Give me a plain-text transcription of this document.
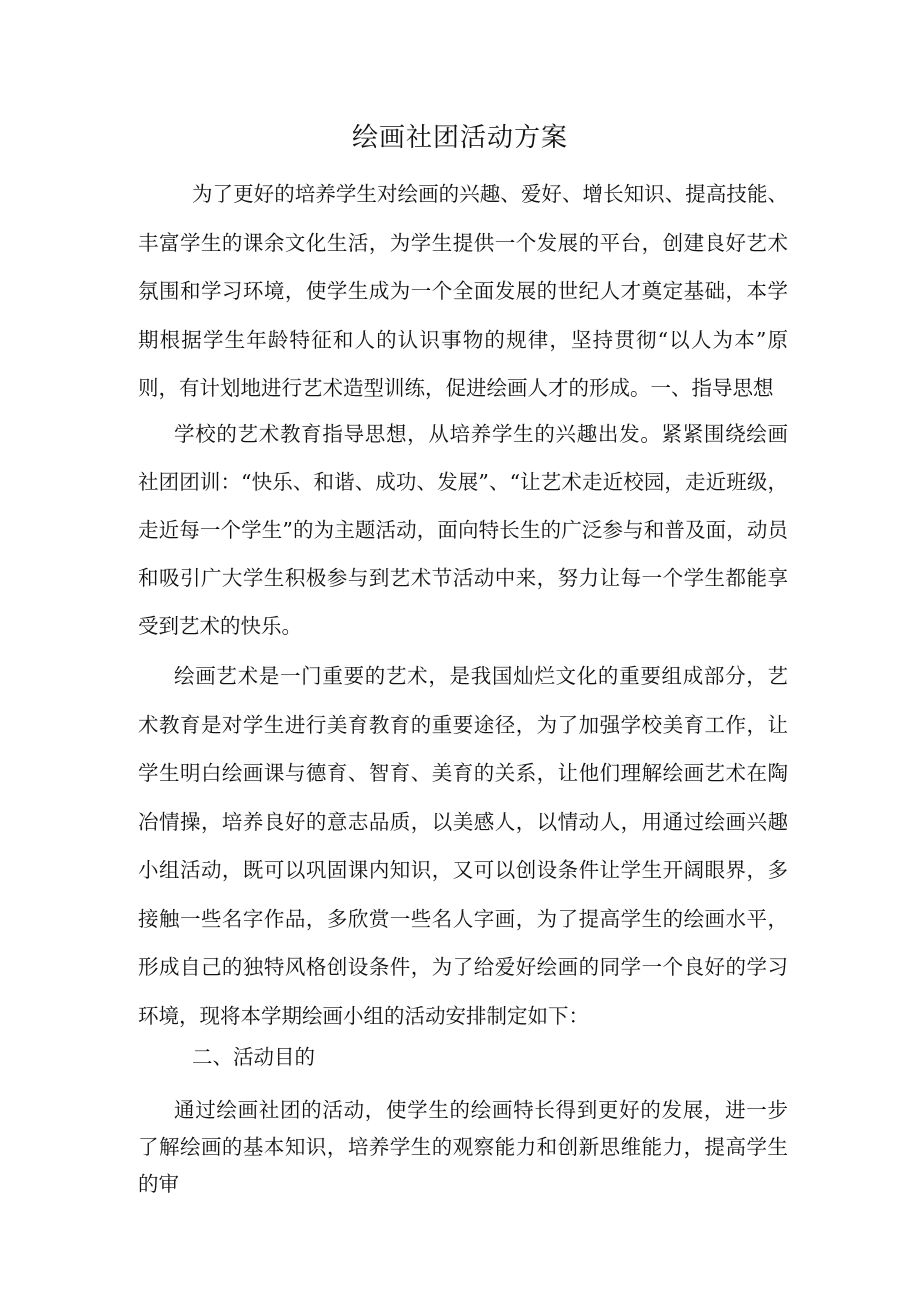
绘画社团活动方案

为了更好的培养学生对绘画的兴趣、爱好、增长知识、提高技能、丰富学生的课余文化生活，为学生提供一个发展的平台，创建良好艺术氛围和学习环境，使学生成为一个全面发展的世纪人才奠定基础，本学期根据学生年龄特征和人的认识事物的规律，坚持贯彻“以人为本”原则，有计划地进行艺术造型训练，促进绘画人才的形成。一、指导思想

学校的艺术教育指导思想，从培养学生的兴趣出发。紧紧围绕绘画社团团训：“快乐、和谐、成功、发展”、“让艺术走近校园，走近班级，走近每一个学生”的为主题活动，面向特长生的广泛参与和普及面，动员和吸引广大学生积极参与到艺术节活动中来，努力让每一个学生都能享受到艺术的快乐。

绘画艺术是一门重要的艺术，是我国灿烂文化的重要组成部分，艺术教育是对学生进行美育教育的重要途径，为了加强学校美育工作，让学生明白绘画课与德育、智育、美育的关系，让他们理解绘画艺术在陶冶情操，培养良好的意志品质，以美感人，以情动人，用通过绘画兴趣小组活动，既可以巩固课内知识，又可以创设条件让学生开阔眼界，多接触一些名字作品，多欣赏一些名人字画，为了提高学生的绘画水平，形成自己的独特风格创设条件，为了给爱好绘画的同学一个良好的学习环境，现将本学期绘画小组的活动安排制定如下：

二、活动目的

通过绘画社团的活动，使学生的绘画特长得到更好的发展，进一步了解绘画的基本知识，培养学生的观察能力和创新思维能力，提高学生的审
